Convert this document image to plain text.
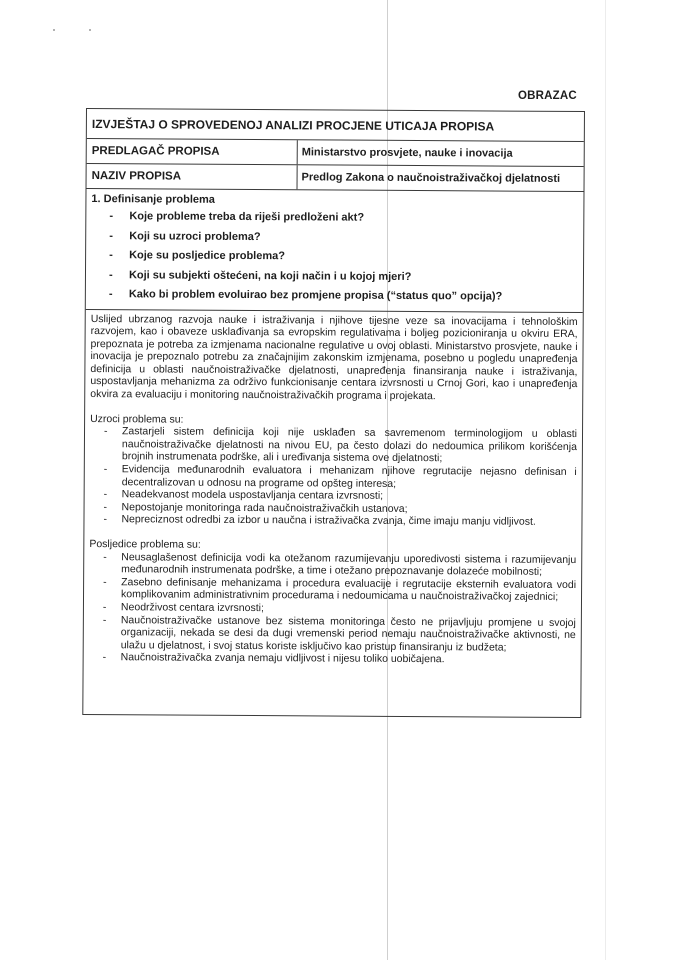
OBRAZAC
IZVJEŠTAJ O SPROVEDENOJ ANALIZI PROCJENE UTICAJA PROPISA
PREDLAGAČ PROPISA	Ministarstvo prosvjete, nauke i inovacija
NAZIV PROPISA	Predlog Zakona o naučnoistraživačkoj djelatnosti
1. Definisanje problema
-	Koje probleme treba da riješi predloženi akt?
-	Koji su uzroci problema?
-	Koje su posljedice problema?
-	Koji su subjekti oštećeni, na koji način i u kojoj mjeri?
-	Kako bi problem evoluirao bez promjene propisa (“status quo” opcija)?

Uslijed ubrzanog razvoja nauke i istraživanja i njihove tijesne veze sa inovacijama i tehnološkim razvojem, kao i obaveze usklađivanja sa evropskim regulativama i boljeg pozicioniranja u okviru ERA, prepoznata je potreba za izmjenama nacionalne regulative u ovoj oblasti. Ministarstvo prosvjete, nauke i inovacija je prepoznalo potrebu za značajnijim zakonskim izmjenama, posebno u pogledu unapređenja definicija u oblasti naučnoistraživačke djelatnosti, unapređenja finansiranja nauke i istraživanja, uspostavljanja mehanizma za održivo funkcionisanje centara izvrsnosti u Crnoj Gori, kao i unapređenja okvira za evaluaciju i monitoring naučnoistraživačkih programa i projekata.

Uzroci problema su:

-	Zastarjeli sistem definicija koji nije usklađen sa savremenom terminologijom u oblasti naučnoistraživačke djelatnosti na nivou EU, pa često dolazi do nedoumica prilikom korišćenja brojnih instrumenata podrške, ali i uređivanja sistema ove djelatnosti;
-	Evidencija međunarodnih evaluatora i mehanizam njihove regrutacije nejasno definisan i decentralizovan u odnosu na programe od opšteg interesa;
-	Neadekvanost modela uspostavljanja centara izvrsnosti;
-	Nepostojanje monitoringa rada naučnoistraživačkih ustanova;
-	Nepreciznost odredbi za izbor u naučna i istraživačka zvanja, čime imaju manju vidljivost.

Posljedice problema su:

-	Neusaglašenost definicija vodi ka otežanom razumijevanju uporedivosti sistema i razumijevanju međunarodnih instrumenata podrške, a time i otežano prepoznavanje dolazeće mobilnosti;
-	Zasebno definisanje mehanizama i procedura evaluacije i regrutacije eksternih evaluatora vodi komplikovanim administrativnim procedurama i nedoumicama u naučnoistraživačkoj zajednici;
-	Neodrživost centara izvrsnosti;
-	Naučnoistraživačke ustanove bez sistema monitoringa često ne prijavljuju promjene u svojoj organizaciji, nekada se desi da dugi vremenski period nemaju naučnoistraživačke aktivnosti, ne ulažu u djelatnost, i svoj status koriste isključivo kao pristup finansiranju iz budžeta;
-	Naučnoistraživačka zvanja nemaju vidljivost i nijesu toliko uobičajena.
